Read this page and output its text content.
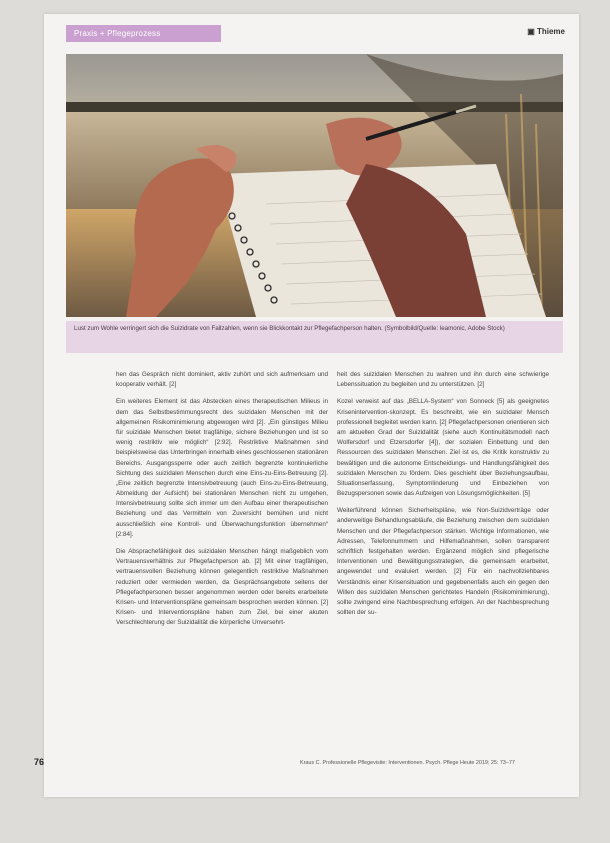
Praxis + Pflegeprozess	▣ Thieme
Lust zum Wohle verringert sich die Suizidrate von Fallzahlen, wenn sie Blickkontakt zur Pflegefachperson halten. (Symbolbild/Quelle: leamonic, Adobe Stock)

hen das Gespräch nicht dominiert, aktiv zuhört und sich aufmerksam und kooperativ verhält. [2]

Ein weiteres Element ist das Abstecken eines therapeutischen Milieus in dem das Selbstbestimmungsrecht des suizidalen Menschen mit der allgemeinen Risikominimierung abgewogen wird [2]. „Ein günstiges Milieu für suizidale Menschen bietet tragfähige, sichere Beziehungen und ist so wenig restriktiv wie möglich“ [2:92]. Restriktive Maßnahmen sind beispielsweise das Unterbringen innerhalb eines geschlossenen stationären Bereichs. Ausgangssperre oder auch zeitlich begrenzte kontinuierliche Sichtung des suizidalen Menschen durch eine Eins-zu-Eins-Betreuung [2]. „Eine zeitlich begrenzte Intensivbetreuung (auch Eins-zu-Eins-Betreuung, Abmeldung der Aufsicht) bei stationären Menschen nicht zu umgehen, Intensivbetreuung sollte sich immer um den Aufbau einer therapeutischen Beziehung und das Vermitteln von Zuversicht bemühen und nicht ausschließlich eine Kontroll- und Überwachungsfunktion übernehmen“ [2:84].

Die Absprachefähigkeit des suizidalen Menschen hängt maßgeblich vom Vertrauensverhältnis zur Pflegefachperson ab. [2] Mit einer tragfähigen, vertrauensvollen Beziehung können gelegentlich restriktive Maßnahmen reduziert oder vermieden werden, da Gesprächsangebote seitens der Pflegefachpersonen besser angenommen werden oder bereits erarbeitete Krisen- und Interventionspläne gemeinsam besprochen werden können. [2] Krisen- und Interventionspläne haben zum Ziel, bei einer akuten Verschlechterung der Suizidalität die körperliche Unversehrt-

heit des suizidalen Menschen zu wahren und ihn durch eine schwierige Lebenssituation zu begleiten und zu unterstützen. [2]

Kozel verweist auf das „BELLA-System“ von Sonneck [5] als geeignetes Krisenintervention-skonzept. Es beschreibt, wie ein suizidaler Mensch professionell begleitet werden kann. [2] Pflegefachpersonen orientieren sich am aktuellen Grad der Suizidalität (siehe auch Kontinuitätsmodell nach Wolfersdorf und Etzersdorfer [4]), der sozialen Einbettung und den Ressourcen des suizidalen Menschen. Ziel ist es, die Kritik konstruktiv zu bewältigen und die autonome Entscheidungs- und Handlungsfähigkeit des suizidalen Menschen zu fördern. Dies geschieht über Beziehungsaufbau, Situationserfassung, Symptomlinderung und Einbeziehen von Bezugspersonen sowie das Aufzeigen von Lösungsmöglichkeiten. [5]

Weiterführend können Sicherheitspläne, wie Non-Suizidverträge oder anderweitige Behandlungsabläufe, die Beziehung zwischen dem suizidalen Menschen und der Pflegefachperson stärken. Wichtige Informationen, wie Adressen, Telefonnummern und Hilfemaßnahmen, sollen transparent schriftlich festgehalten werden. Ergänzend möglich sind pflegerische Interventionen und Bewältigungsstrategien, die gemeinsam erarbeitet, angewendet und evaluiert werden. [2] Für ein nachvollziehbares Verständnis einer Krisensituation und gegebenenfalls auch ein gegen den Willen des suizidalen Menschen gerichtetes Handeln (Risikominimierung), sollte zwingend eine Nachbesprechung erfolgen. An der Nachbesprechung sollten der su-

76	Kraus C. Professionelle Pflegevisite: Interventionen. Psych. Pflege Heute 2019; 25: 73–77
